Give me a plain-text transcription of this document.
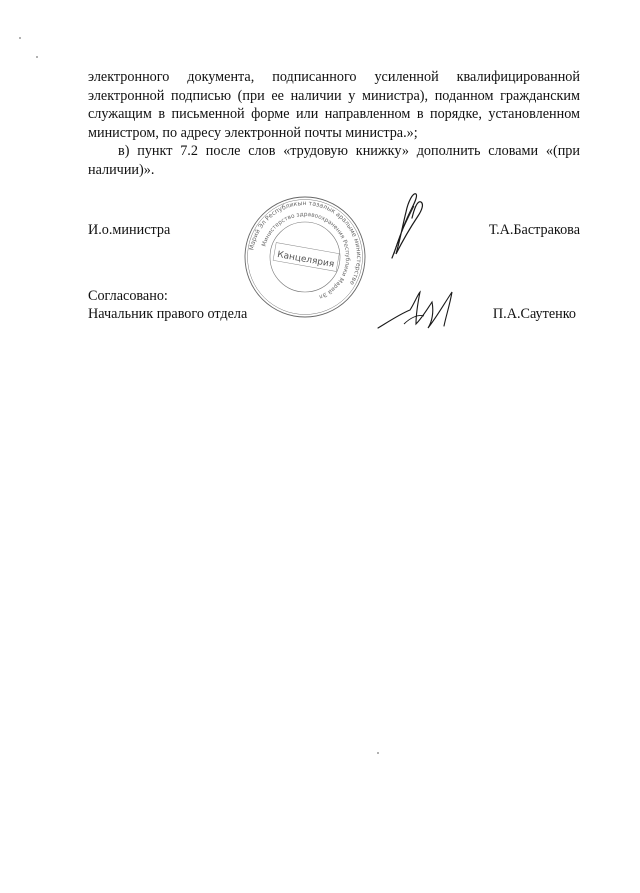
электронного документа, подписанного усиленной квалифицированной электронной подписью (при ее наличии у министра), поданном гражданским служащим в письменной форме или направленном в порядке, установленном министром, по адресу электронной почты министра.»;

в) пункт 7.2 после слов «трудовую книжку» дополнить словами «(при наличии)».

Марий Эл Республикын тазалык аралыме министерстве
Министерство здравоохранения Республики Марий Эл
Канцелярия
И.о.министра	Т.А.Бастракова
Согласовано:
Начальник правого отдела	П.А.Саутенко
